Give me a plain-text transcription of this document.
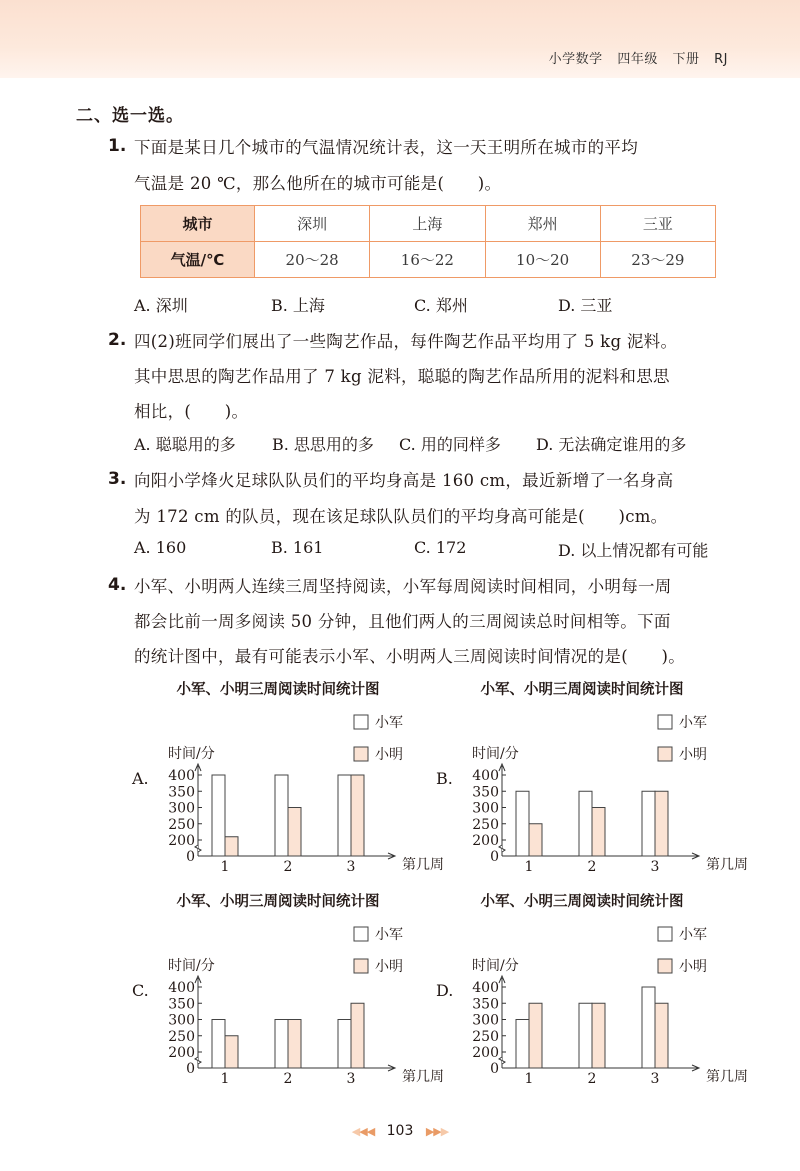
小学数学 四年级 下册 RJ
二、选一选。
1. 下面是某日几个城市的气温情况统计表，这一天王明所在城市的平均
气温是 20 ℃，那么他所在的城市可能是(　　)。
城市	深圳	上海	郑州	三亚
气温/℃	20～28	16～22	10～20	23～29
A. 深圳	B. 上海	C. 郑州	D. 三亚
2. 四(2)班同学们展出了一些陶艺作品，每件陶艺作品平均用了 5 kg 泥料。
其中思思的陶艺作品用了 7 kg 泥料，聪聪的陶艺作品所用的泥料和思思
相比，(　　)。
A. 聪聪用的多 B. 思思用的多 C. 用的同样多 D. 无法确定谁用的多
3. 向阳小学烽火足球队队员们的平均身高是 160 cm，最近新增了一名身高
为 172 cm 的队员，现在该足球队队员们的平均身高可能是(　　)cm。
A. 160	B. 161	C. 172	D. 以上情况都有可能
4. 小军、小明两人连续三周坚持阅读，小军每周阅读时间相同，小明每一周
都会比前一周多阅读 50 分钟，且他们两人的三周阅读总时间相等。下面
的统计图中，最有可能表示小军、小明两人三周阅读时间情况的是(　　)。
小军、小明三周阅读时间统计图
小军
小明
A.
时间/分
0
200
250
300
350
400
第几周
1	2	3
小军、小明三周阅读时间统计图
小军
小明
B.
时间/分
0
200
250
300
350
400
第几周
1	2	3
小军、小明三周阅读时间统计图
小军
小明
C.
时间/分
0
200
250
300
350
400
第几周
1	2	3
小军、小明三周阅读时间统计图
小军
小明
D.
时间/分
0
200
250
300
350
400
第几周
1	2	3
◀◀◀ 103 ▶▶▶
